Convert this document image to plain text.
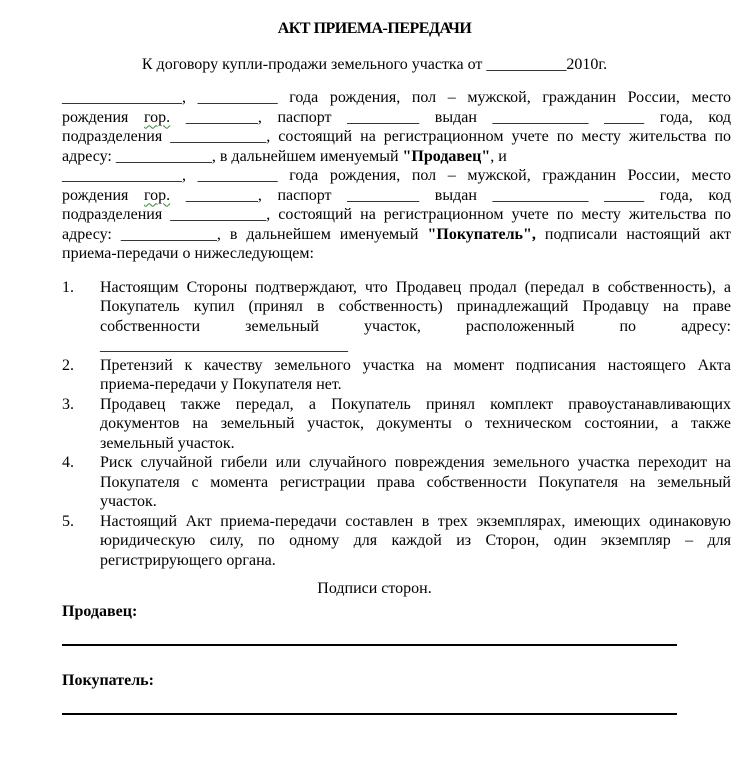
АКТ ПРИЕМА-ПЕРЕДАЧИ
К договору купли-продажи земельного участка от __________2010г.
_______________, __________ года рождения, пол – мужской, гражданин России, место
рождения гор. _________, паспорт _________ выдан ____________ _____ года, код
подразделения ____________, состоящий на регистрационном учете по месту жительства по
адресу: ____________, в дальнейшем именуемый "Продавец", и
_______________, __________ года рождения, пол – мужской, гражданин России, место
рождения гор. _________, паспорт _________ выдан ____________ _____ года, код
подразделения ____________, состоящий на регистрационном учете по месту жительства по
адресу: ____________, в дальнейшем именуемый "Покупатель", подписали настоящий акт
приема-передачи о нижеследующем:
1. Настоящим Стороны подтверждают, что Продавец продал (передал в собственность), а
Покупатель купил (принял в собственность) принадлежащий Продавцу на праве
собственности земельный участок, расположенный по адресу:
_______________________________
2. Претензий к качеству земельного участка на момент подписания настоящего Акта
приема-передачи у Покупателя нет.
3. Продавец также передал, а Покупатель принял комплект правоустанавливающих
документов на земельный участок, документы о техническом состоянии, а также
земельный участок.
4. Риск случайной гибели или случайного повреждения земельного участка переходит на
Покупателя с момента регистрации права собственности Покупателя на земельный
участок.
5. Настоящий Акт приема-передачи составлен в трех экземплярах, имеющих одинаковую
юридическую силу, по одному для каждой из Сторон, один экземпляр – для
регистрирующего органа.
Подписи сторон.
Продавец:
Покупатель:
